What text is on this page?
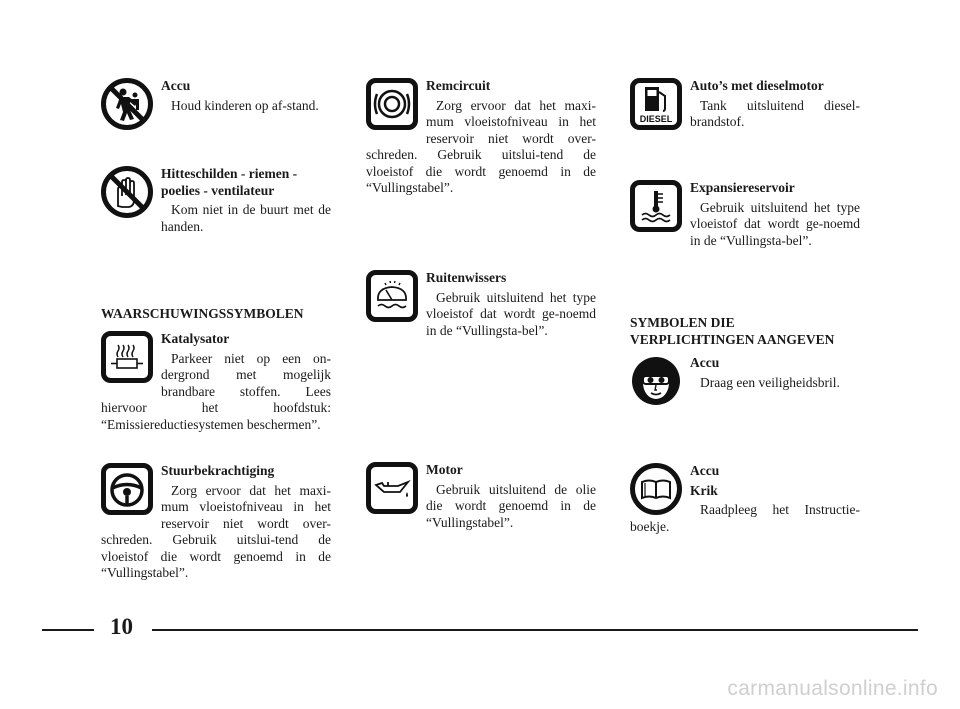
Accu

Houd kinderen op af-stand.

Hitteschilden - riemen - poelies - ventilateur

Kom niet in de buurt met de handen.

WAARSCHUWINGSSYMBOLEN

Katalysator

Parkeer niet op een on-dergrond met mogelijk brandbare stoffen. Lees hiervoor het hoofdstuk: “Emissiereductiesystemen beschermen”.

Stuurbekrachtiging

Zorg ervoor dat het maxi-mum vloeistofniveau in het reservoir niet wordt over-schreden. Gebruik uitslui-tend de vloeistof die wordt genoemd in de “Vullingstabel”.

Remcircuit

Zorg ervoor dat het maxi-mum vloeistofniveau in het reservoir niet wordt over-schreden. Gebruik uitslui-tend de vloeistof die wordt genoemd in de “Vullingstabel”.

Ruitenwissers

Gebruik uitsluitend het type vloeistof dat wordt ge-noemd in de “Vullingsta-bel”.

Motor

Gebruik uitsluitend de olie die wordt genoemd in de “Vullingstabel”.

DIESEL

Auto’s met dieselmotor

Tank uitsluitend diesel-brandstof.

Expansiereservoir

Gebruik uitsluitend het type vloeistof dat wordt ge-noemd in de “Vullingsta-bel”.

SYMBOLEN DIE
VERPLICHTINGEN AANGEVEN

Accu

Draag een veiligheidsbril.

Accu

Krik

Raadpleeg het Instructie-boekje.

10
carmanualsonline.info
